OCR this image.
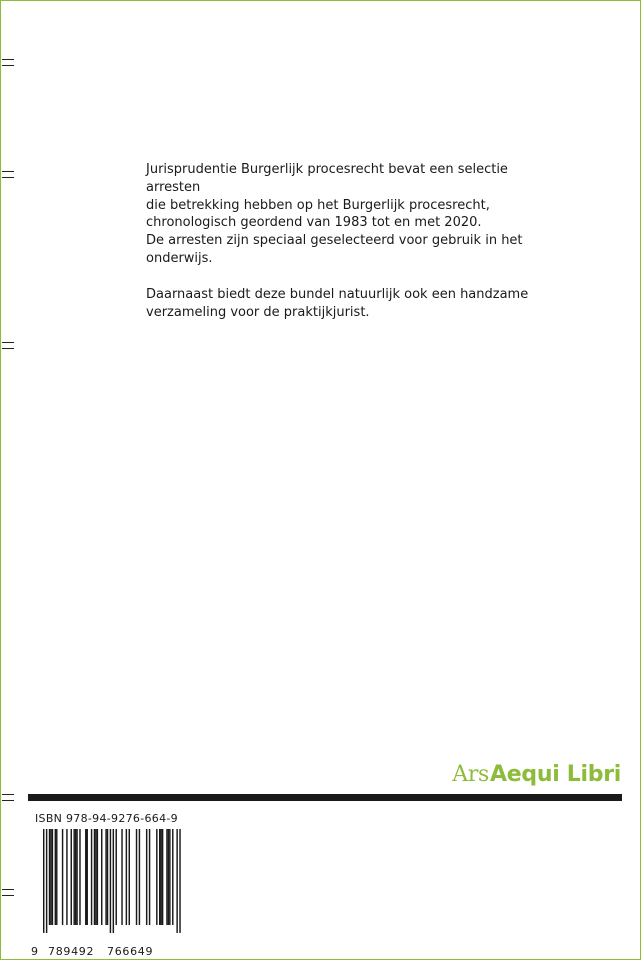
Jurisprudentie Burgerlijk procesrecht bevat een selectie arresten
die betrekking hebben op het Burgerlijk procesrecht,
chronologisch geordend van 1983 tot en met 2020.
De arresten zijn speciaal geselecteerd voor gebruik in het
onderwijs.

Daarnaast biedt deze bundel natuurlijk ook een handzame
verzameling voor de praktijkjurist.

ArsAequi Libri
ISBN 978-94-9276-664-9
9 789492 766649
